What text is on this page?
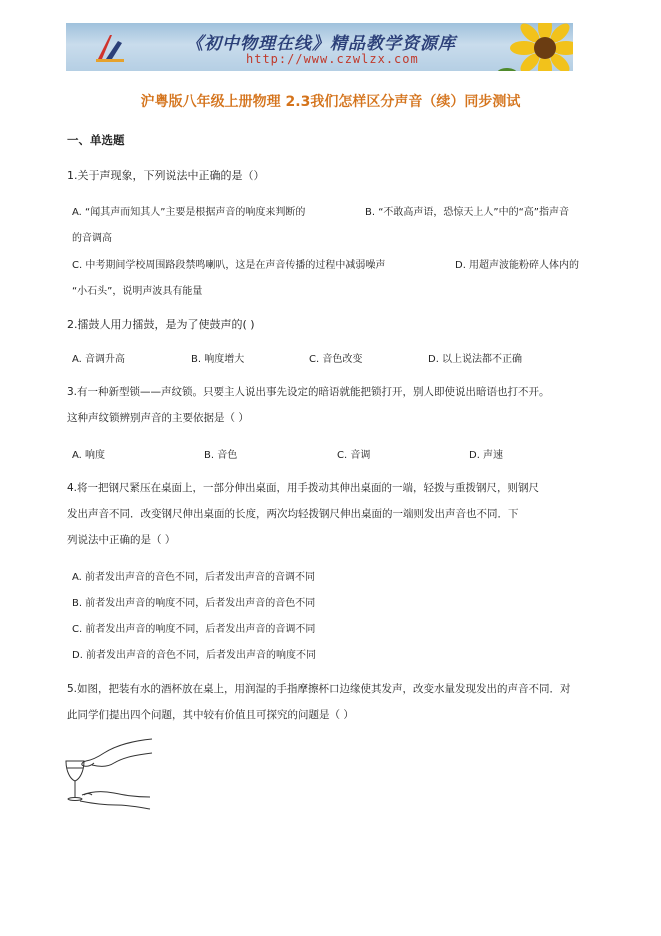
《初中物理在线》精品教学资源库
http://www.czwlzx.com
沪粤版八年级上册物理 2.3我们怎样区分声音（续）同步测试
一、单选题
1.关于声现象，下列说法中正确的是（）
A. “闻其声而知其人”主要是根据声音的响度来判断的	B. “不敢高声语，恐惊天上人”中的“高”指声音
的音调高
C. 中考期间学校周围路段禁鸣喇叭，这是在声音传播的过程中减弱噪声	D. 用超声波能粉碎人体内的
“小石头”，说明声波具有能量
2.擂鼓人用力擂鼓，是为了使鼓声的( )
A. 音调升高	B. 响度增大	C. 音色改变	D. 以上说法都不正确
3.有一种新型锁——声纹锁。只要主人说出事先设定的暗语就能把锁打开，别人即使说出暗语也打不开。
这种声纹锁辨别声音的主要依据是（ ）
A. 响度	B. 音色	C. 音调	D. 声速
4.将一把钢尺紧压在桌面上，一部分伸出桌面，用手拨动其伸出桌面的一端，轻拨与重拨钢尺，则钢尺
发出声音不同．改变钢尺伸出桌面的长度，两次均轻拨钢尺伸出桌面的一端则发出声音也不同．下
列说法中正确的是（ ）
A. 前者发出声音的音色不同，后者发出声音的音调不同
B. 前者发出声音的响度不同，后者发出声音的音色不同
C. 前者发出声音的响度不同，后者发出声音的音调不同
D. 前者发出声音的音色不同，后者发出声音的响度不同
5.如图，把装有水的酒杯放在桌上，用润湿的手指摩擦杯口边缘使其发声，改变水量发现发出的声音不同．对
此同学们提出四个问题，其中较有价值且可探究的问题是（ ）
